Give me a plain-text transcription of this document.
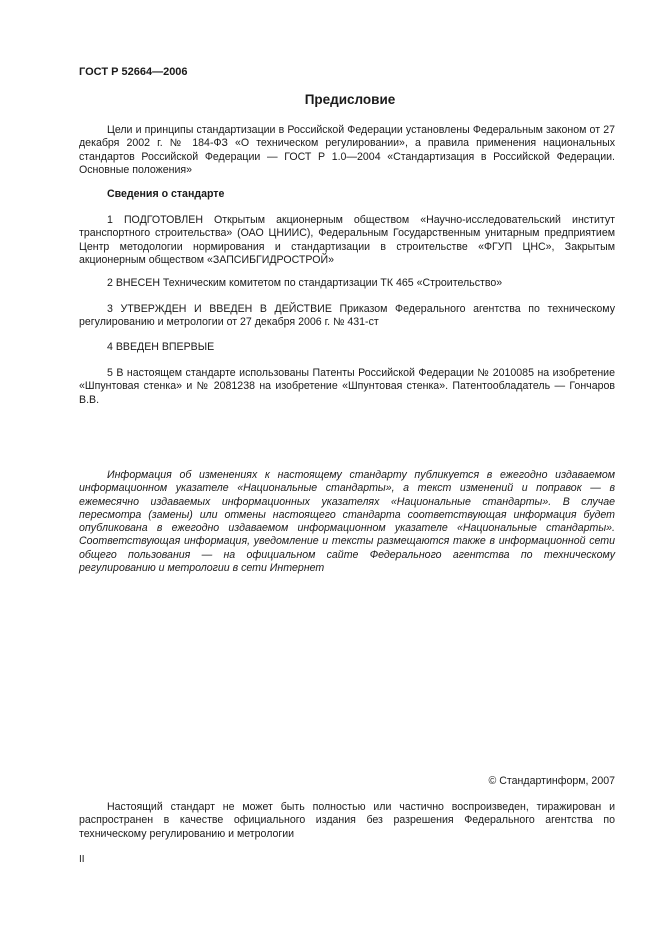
ГОСТ Р 52664—2006
Предисловие
Цели и принципы стандартизации в Российской Федерации установлены Федеральным законом от 27 декабря 2002 г. № 184-ФЗ «О техническом регулировании», а правила применения национальных стандартов Российской Федерации — ГОСТ Р 1.0—2004 «Стандартизация в Российской Федерации. Основные положения»
Сведения о стандарте
1 ПОДГОТОВЛЕН Открытым акционерным обществом «Научно-исследовательский институт транспортного строительства» (ОАО ЦНИИС), Федеральным Государственным унитарным предприятием Центр методологии нормирования и стандартизации в строительстве «ФГУП ЦНС», Закрытым акционерным обществом «ЗАПСИБГИДРОСТРОЙ»
2 ВНЕСЕН Техническим комитетом по стандартизации ТК 465 «Строительство»
3 УТВЕРЖДЕН И ВВЕДЕН В ДЕЙСТВИЕ Приказом Федерального агентства по техническому регулированию и метрологии от 27 декабря 2006 г. № 431-ст
4 ВВЕДЕН ВПЕРВЫЕ
5 В настоящем стандарте использованы Патенты Российской Федерации № 2010085 на изобретение «Шпунтовая стенка» и № 2081238 на изобретение «Шпунтовая стенка». Патентообладатель — Гончаров В.В.
Информация об изменениях к настоящему стандарту публикуется в ежегодно издаваемом информационном указателе «Национальные стандарты», а текст изменений и поправок — в ежемесячно издаваемых информационных указателях «Национальные стандарты». В случае пересмотра (замены) или отмены настоящего стандарта соответствующая информация будет опубликована в ежегодно издаваемом информационном указателе «Национальные стандарты». Соответствующая информация, уведомление и тексты размещаются также в информационной сети общего пользования — на официальном сайте Федерального агентства по техническому регулированию и метрологии в сети Интернет
© Стандартинформ, 2007
Настоящий стандарт не может быть полностью или частично воспроизведен, тиражирован и распространен в качестве официального издания без разрешения Федерального агентства по техническому регулированию и метрологии
II
